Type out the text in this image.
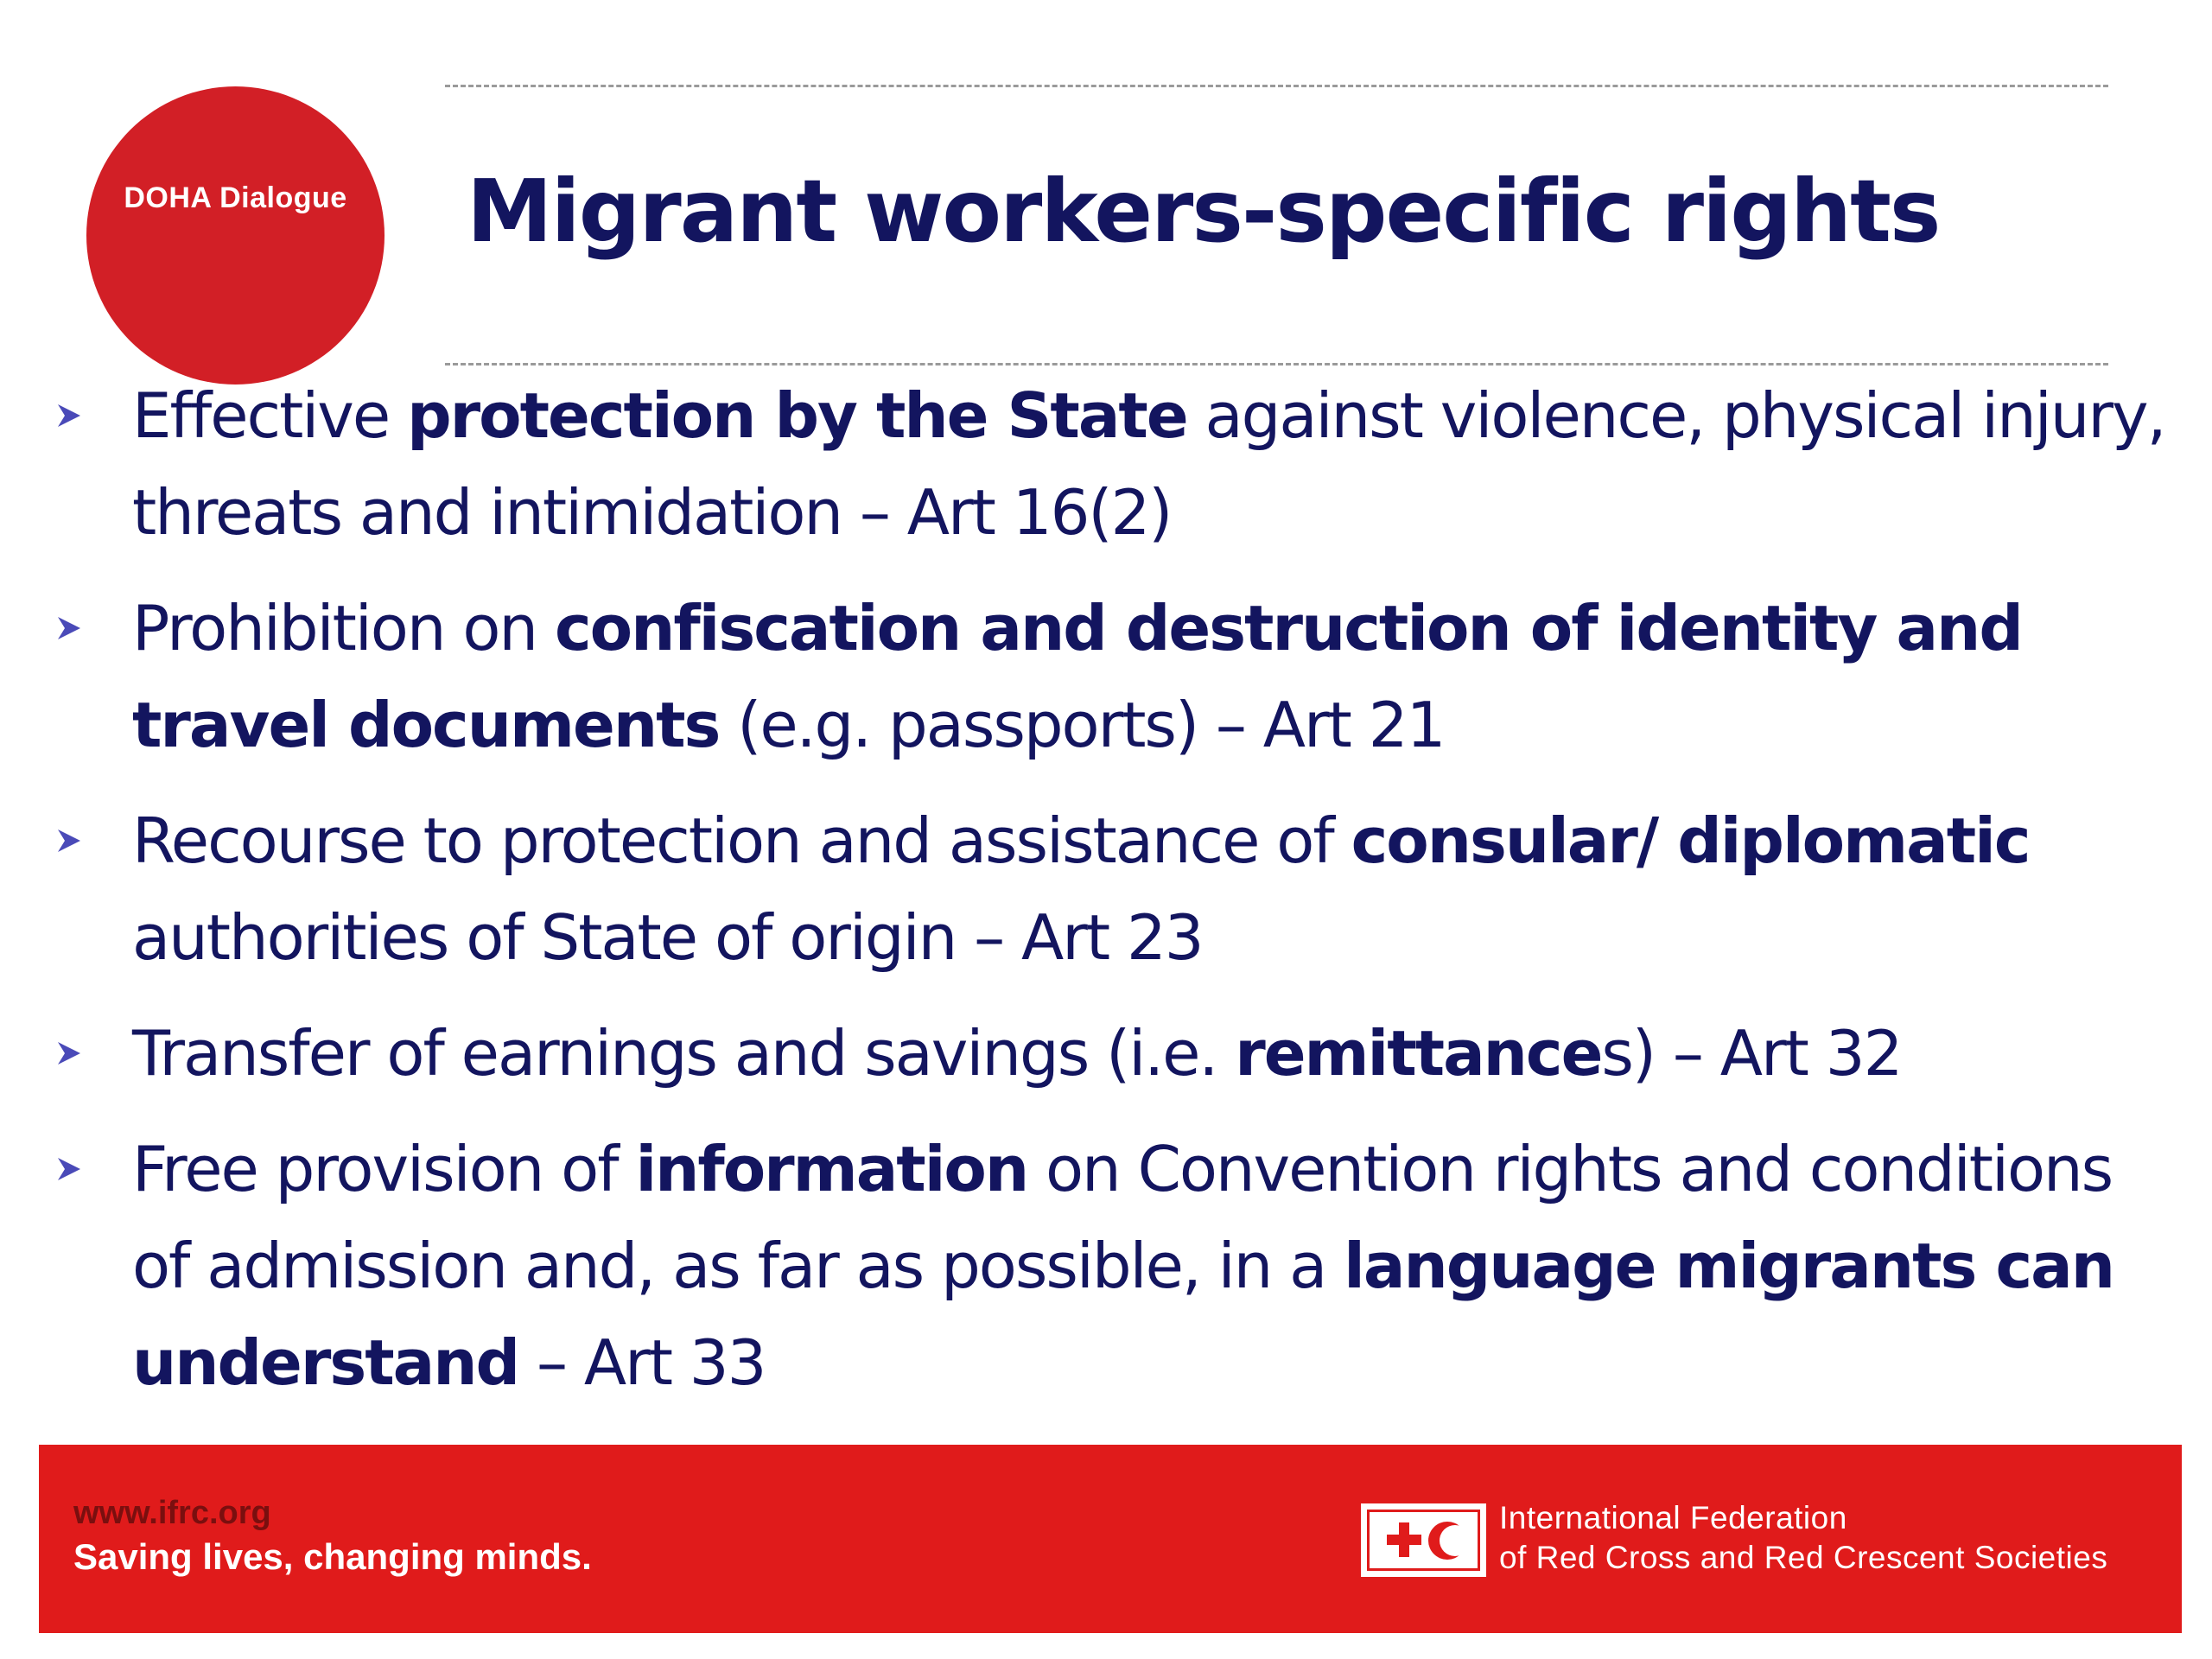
DOHA Dialogue Migrant workers-specific rights
Effective protection by the State against violence, physical injury, threats and intimidation – Art 16(2)
Prohibition on confiscation and destruction of identity and travel documents (e.g. passports) – Art 21
Recourse to protection and assistance of consular/ diplomatic authorities of State of origin – Art 23
Transfer of earnings and savings (i.e. remittances) – Art 32
Free provision of information on Convention rights and conditions of admission and, as far as possible, in a language migrants can understand – Art 33
www.ifrc.org
Saving lives, changing minds.
International Federation
of Red Cross and Red Crescent Societies
